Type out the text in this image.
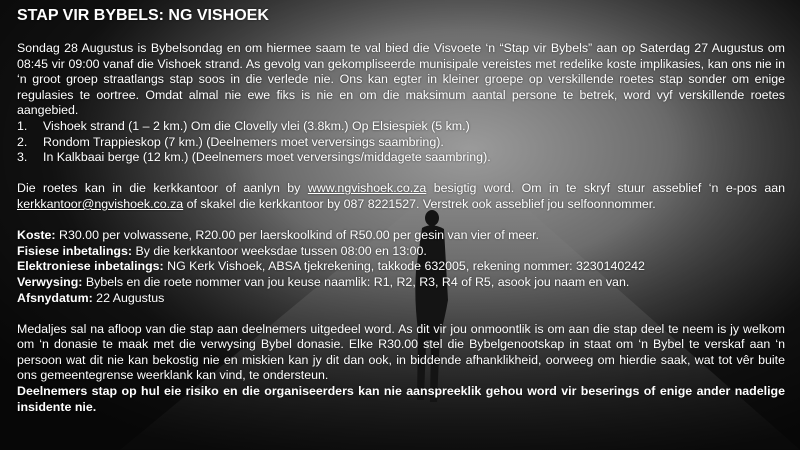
STAP VIR BYBELS: NG VISHOEK

Sondag 28 Augustus is Bybelsondag en om hiermee saam te val bied die Visvoete ‘n “Stap vir Bybels” aan op Saterdag 27 Augustus om 08:45 vir 09:00 vanaf die Vishoek strand. As gevolg van gekompliseerde munisipale vereistes met redelike koste implikasies, kan ons nie in ‘n groot groep straatlangs stap soos in die verlede nie. Ons kan egter in kleiner groepe op verskillende roetes stap sonder om enige regulasies te oortree. Omdat almal nie ewe fiks is nie en om die maksimum aantal persone te betrek, word vyf verskillende roetes aangebied.

1.	Vishoek strand (1 – 2 km.) Om die Clovelly vlei (3.8km.) Op Elsiespiek (5 km.)
2.	Rondom Trappieskop (7 km.) (Deelnemers moet verversings saambring).
3.	In Kalkbaai berge (12 km.) (Deelnemers moet verversings/middagete saambring).

Die roetes kan in die kerkkantoor of aanlyn by www.ngvishoek.co.za besigtig word. Om in te skryf stuur asseblief ‘n e-pos aan kerkkantoor@ngvishoek.co.za of skakel die kerkkantoor by 087 8221527. Verstrek ook asseblief jou selfoonnommer.

Koste: R30.00 per volwassene, R20.00 per laerskoolkind of R50.00 per gesin van vier of meer.

Fisiese inbetalings: By die kerkkantoor weeksdae tussen 08:00 en 13:00.

Elektroniese inbetalings: NG Kerk Vishoek, ABSA tjekrekening, takkode 632005, rekening nommer: 3230140242

Verwysing: Bybels en die roete nommer van jou keuse naamlik: R1, R2, R3, R4 of R5, asook jou naam en van.

Afsnydatum: 22 Augustus

Medaljes sal na afloop van die stap aan deelnemers uitgedeel word. As dit vir jou onmoontlik is om aan die stap deel te neem is jy welkom om ‘n donasie te maak met die verwysing Bybel donasie. Elke R30.00 stel die Bybelgenootskap in staat om ‘n Bybel te verskaf aan ‘n persoon wat dit nie kan bekostig nie en miskien kan jy dit dan ook, in biddende afhanklikheid, oorweeg om hierdie saak, wat tot vêr buite ons gemeentegrense weerklank kan vind, te ondersteun.

Deelnemers stap op hul eie risiko en die organiseerders kan nie aanspreeklik gehou word vir beserings of enige ander nadelige insidente nie.
